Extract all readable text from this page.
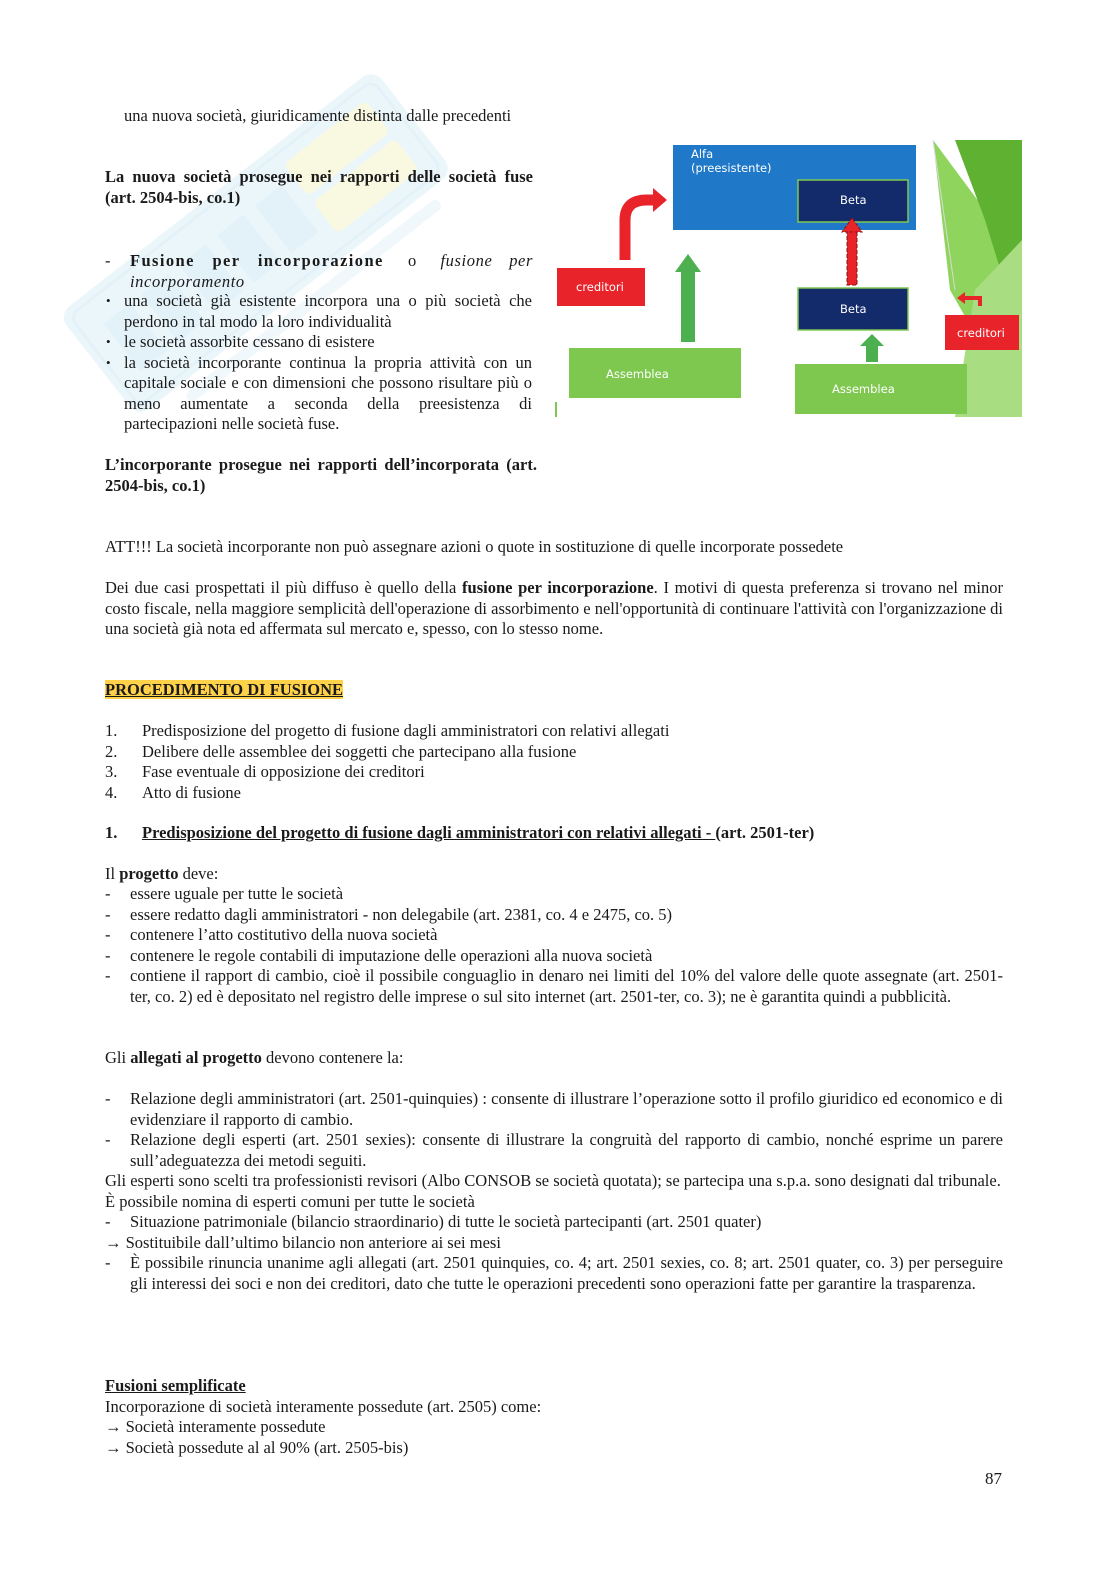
una nuova società, giuridicamente distinta dalle precedenti

La nuova società prosegue nei rapporti delle società fuse (art. 2504-bis, co.1)

- Fusione per incorporazione o fusione per incorporamento
• una società già esistente incorpora una o più società che perdono in tal modo la loro individualità
• le società assorbite cessano di esistere
• la società incorporante continua la propria attività con un capitale sociale e con dimensioni che possono risultare più o meno aumentate a seconda della preesistenza di partecipazioni nelle società fuse.

L’incorporante prosegue nei rapporti dell’incorporata (art. 2504-bis, co.1)

Alfa
(preesistente)
Beta
Beta
creditori
creditori
Assemblea
Assemblea

ATT!!! La società incorporante non può assegnare azioni o quote in sostituzione di quelle incorporate possedete

Dei due casi prospettati il più diffuso è quello della fusione per incorporazione. I motivi di questa preferenza si trovano nel minor costo fiscale, nella maggiore semplicità dell'operazione di assorbimento e nell'opportunità di continuare l'attività con l'organizzazione di una società già nota ed affermata sul mercato e, spesso, con lo stesso nome.

PROCEDIMENTO DI FUSIONE
1. Predisposizione del progetto di fusione dagli amministratori con relativi allegati
2. Delibere delle assemblee dei soggetti che partecipano alla fusione
3. Fase eventuale di opposizione dei creditori
4. Atto di fusione
1. Predisposizione del progetto di fusione dagli amministratori con relativi allegati - (art. 2501-ter)

Il progetto deve:

- essere uguale per tutte le società
- essere redatto dagli amministratori - non delegabile (art. 2381, co. 4 e 2475, co. 5)
- contenere l’atto costitutivo della nuova società
- contenere le regole contabili di imputazione delle operazioni alla nuova società
- contiene il rapport di cambio, cioè il possibile conguaglio in denaro nei limiti del 10% del valore delle quote assegnate (art. 2501-ter, co. 2) ed è depositato nel registro delle imprese o sul sito internet (art. 2501-ter, co. 3); ne è garantita quindi a pubblicità.

Gli allegati al progetto devono contenere la:

- Relazione degli amministratori (art. 2501-quinquies) : consente di illustrare l’operazione sotto il profilo giuridico ed economico e di evidenziare il rapporto di cambio.
- Relazione degli esperti (art. 2501 sexies): consente di illustrare la congruità del rapporto di cambio, nonché esprime un parere sull’adeguatezza dei metodi seguiti.

Gli esperti sono scelti tra professionisti revisori (Albo CONSOB se società quotata); se partecipa una s.p.a. sono designati dal tribunale.

È possibile nomina di esperti comuni per tutte le società

- Situazione patrimoniale (bilancio straordinario) di tutte le società partecipanti (art. 2501 quater)

→ Sostituibile dall’ultimo bilancio non anteriore ai sei mesi

- È possibile rinuncia unanime agli allegati (art. 2501 quinquies, co. 4; art. 2501 sexies, co. 8; art. 2501 quater, co. 3) per perseguire gli interessi dei soci e non dei creditori, dato che tutte le operazioni precedenti sono operazioni fatte per garantire la trasparenza.

Fusioni semplificate

Incorporazione di società interamente possedute (art. 2505) come:

→ Società interamente possedute

→ Società possedute al al 90% (art. 2505-bis)

87
